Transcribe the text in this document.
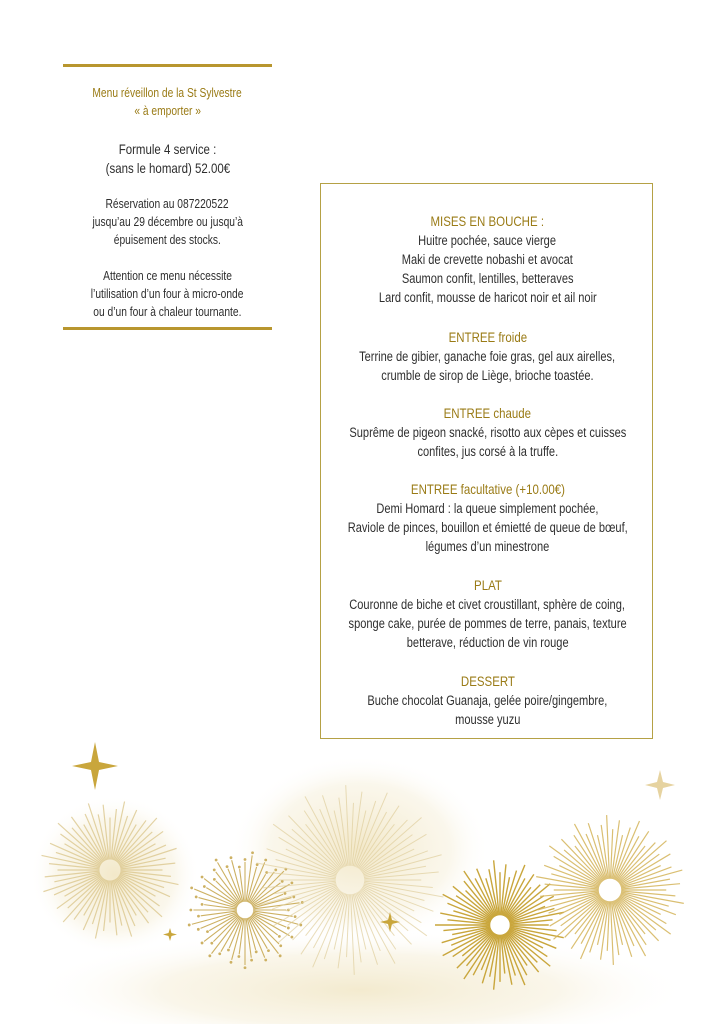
Menu réveillon de la St Sylvestre

« à emporter »

Formule 4 service :

(sans le homard) 52.00€

Réservation au 087220522

jusqu’au 29 décembre ou jusqu’à

épuisement des stocks.

Attention ce menu nécessite

l’utilisation d’un four à micro-onde

ou d’un four à chaleur tournante.

MISES EN BOUCHE :

Huitre pochée, sauce vierge

Maki de crevette nobashi et avocat

Saumon confit, lentilles, betteraves

Lard confit, mousse de haricot noir et ail noir

ENTREE froide

Terrine de gibier, ganache foie gras, gel aux airelles,

crumble de sirop de Liège, brioche toastée.

ENTREE chaude

Suprême de pigeon snacké, risotto aux cèpes et cuisses

confites, jus corsé à la truffe.

ENTREE facultative (+10.00€)

Demi Homard : la queue simplement pochée,

Raviole de pinces, bouillon et émietté de queue de bœuf,

légumes d’un minestrone

PLAT

Couronne de biche et civet croustillant, sphère de coing,

sponge cake, purée de pommes de terre, panais, texture

betterave, réduction de vin rouge

DESSERT

Buche chocolat Guanaja, gelée poire/gingembre,

mousse yuzu
